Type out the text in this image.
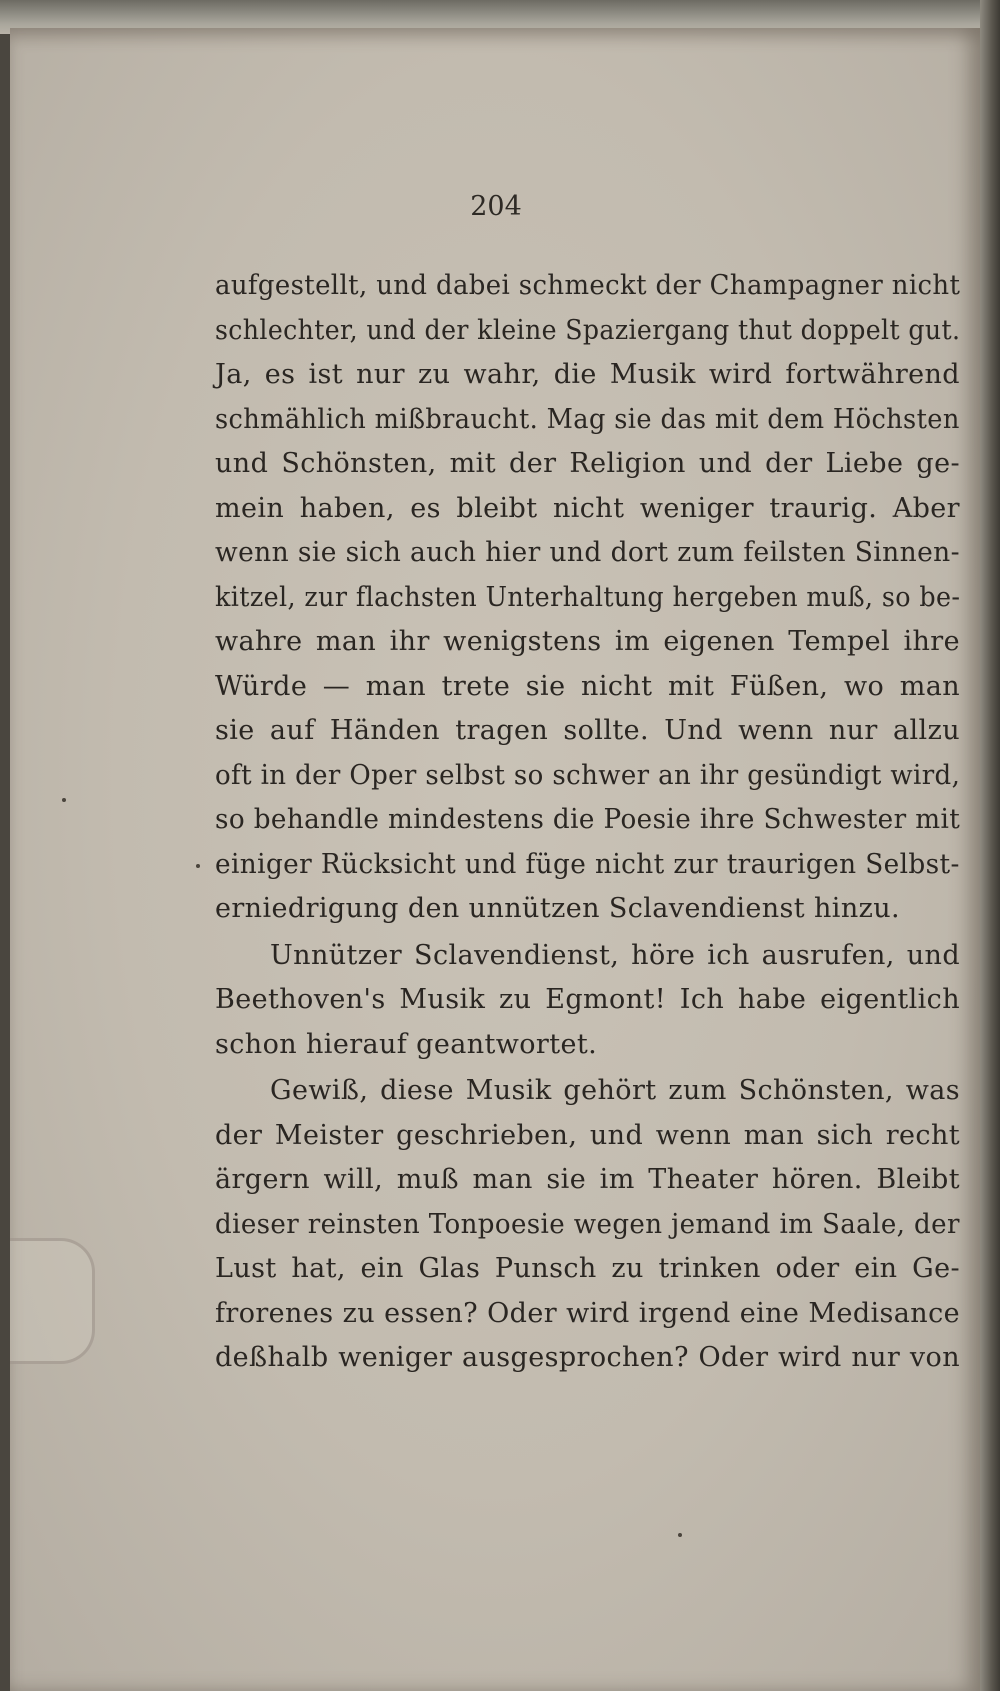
204
aufgestellt, und dabei schmeckt der Champagner nicht
schlechter, und der kleine Spaziergang thut doppelt gut.
Ja, es ist nur zu wahr, die Musik wird fortwährend
schmählich mißbraucht. Mag sie das mit dem Höchsten
und Schönsten, mit der Religion und der Liebe ge-
mein haben, es bleibt nicht weniger traurig. Aber
wenn sie sich auch hier und dort zum feilsten Sinnen-
kitzel, zur flachsten Unterhaltung hergeben muß, so be-
wahre man ihr wenigstens im eigenen Tempel ihre
Würde — man trete sie nicht mit Füßen, wo man
sie auf Händen tragen sollte. Und wenn nur allzu
oft in der Oper selbst so schwer an ihr gesündigt wird,
so behandle mindestens die Poesie ihre Schwester mit
einiger Rücksicht und füge nicht zur traurigen Selbst-
erniedrigung den unnützen Sclavendienst hinzu.
Unnützer Sclavendienst, höre ich ausrufen, und
Beethoven's Musik zu Egmont! Ich habe eigentlich
schon hierauf geantwortet.
Gewiß, diese Musik gehört zum Schönsten, was
der Meister geschrieben, und wenn man sich recht
ärgern will, muß man sie im Theater hören. Bleibt
dieser reinsten Tonpoesie wegen jemand im Saale, der
Lust hat, ein Glas Punsch zu trinken oder ein Ge-
frorenes zu essen? Oder wird irgend eine Medisance
deßhalb weniger ausgesprochen? Oder wird nur von
